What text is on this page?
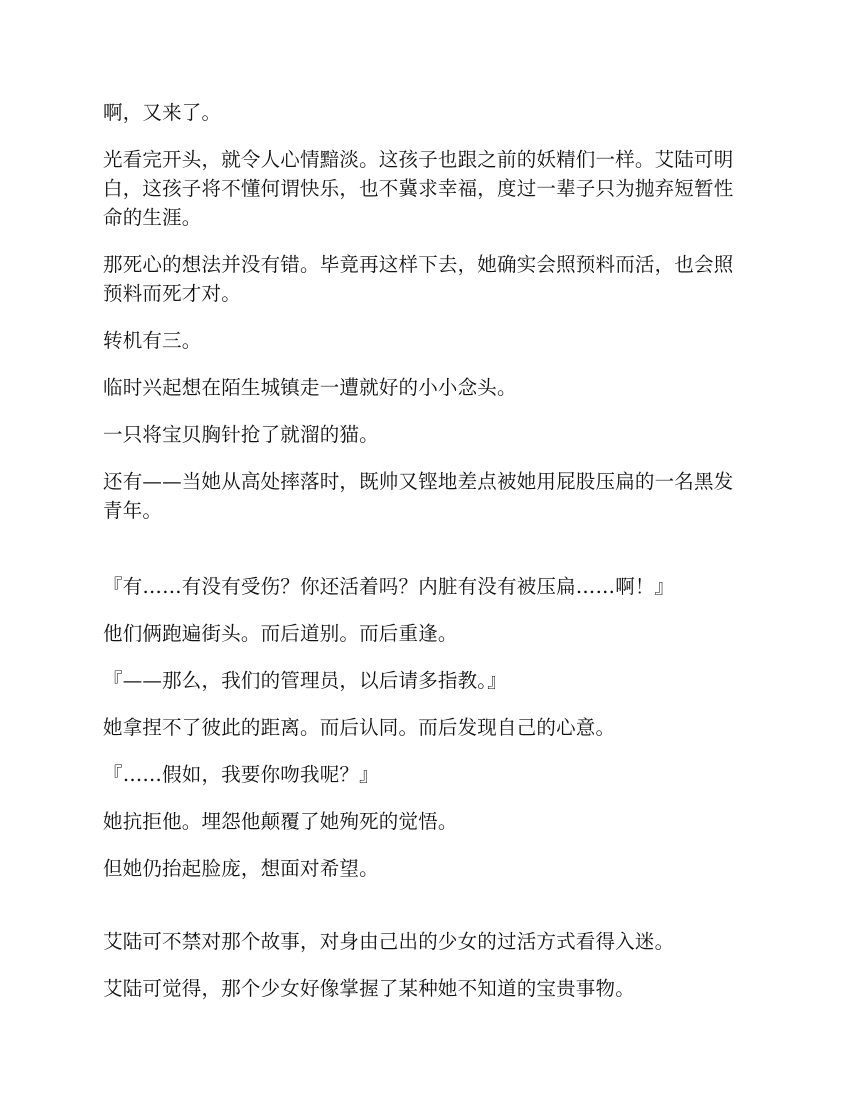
啊，又来了。

光看完开头，就令人心情黯淡。这孩子也跟之前的妖精们一样。艾陆可明白，这孩子将不懂何谓快乐，也不冀求幸福，度过一辈子只为抛弃短暂性命的生涯。

那死心的想法并没有错。毕竟再这样下去，她确实会照预料而活，也会照预料而死才对。

转机有三。

临时兴起想在陌生城镇走一遭就好的小小念头。

一只将宝贝胸针抢了就溜的猫。

还有——当她从高处摔落时，既帅又铿地差点被她用屁股压扁的一名黑发青年。

『有……有没有受伤？你还活着吗？内脏有没有被压扁……啊！』

他们俩跑遍街头。而后道别。而后重逢。

『——那么，我们的管理员，以后请多指教。』

她拿捏不了彼此的距离。而后认同。而后发现自己的心意。

『……假如，我要你吻我呢？』

她抗拒他。埋怨他颠覆了她殉死的觉悟。

但她仍抬起脸庞，想面对希望。

艾陆可不禁对那个故事，对身由己出的少女的过活方式看得入迷。

艾陆可觉得，那个少女好像掌握了某种她不知道的宝贵事物。
